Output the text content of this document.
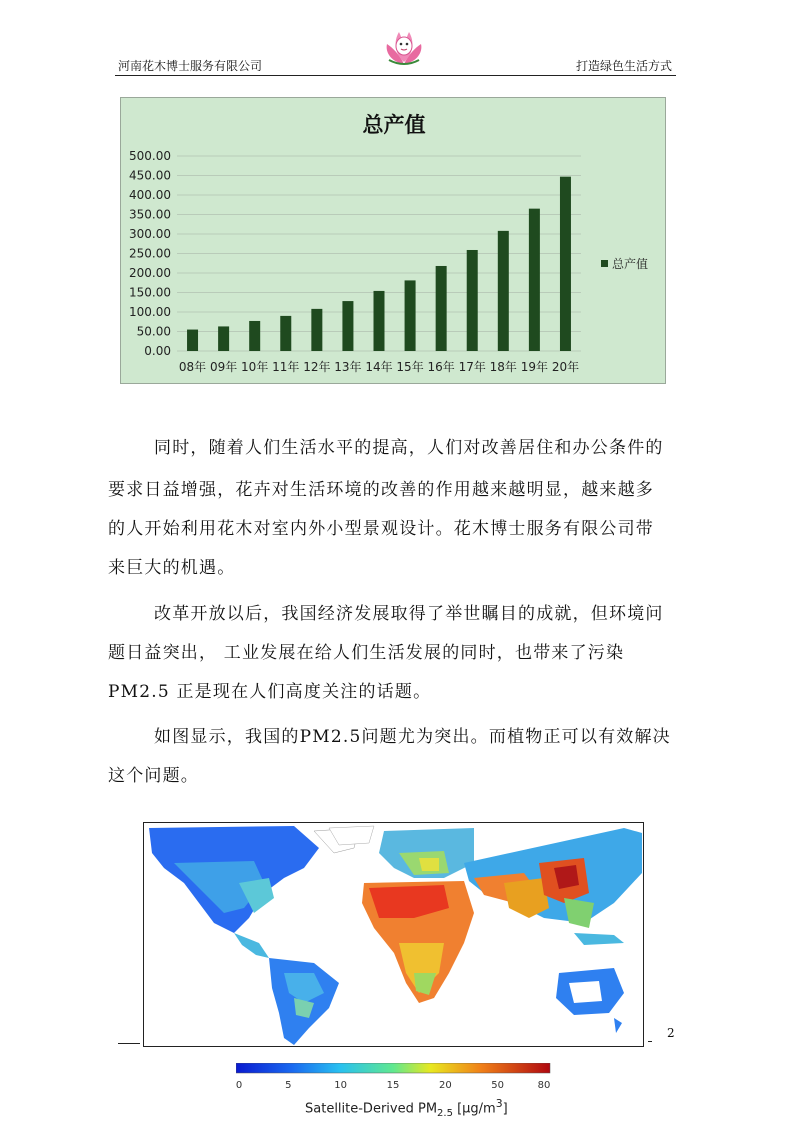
河南花木博士服务有限公司	打造绿色生活方式
总产值
0.00
50.00
100.00
150.00
200.00
250.00
300.00
350.00
400.00
450.00
500.00
08年 09年 10年 11年 12年 13年 14年 15年 16年 17年 18年 19年 20年
总产值

同时，随着人们生活水平的提高，人们对改善居住和办公条件的

要求日益增强，花卉对生活环境的改善的作用越来越明显，越来越多

的人开始利用花木对室内外小型景观设计。花木博士服务有限公司带

来巨大的机遇。

改革开放以后，我国经济发展取得了举世瞩目的成就，但环境问

题日益突出， 工业发展在给人们生活发展的同时，也带来了污染

PM2.5 正是现在人们高度关注的话题。

如图显示，我国的PM2.5问题尤为突出。而植物正可以有效解决

这个问题。

0	5	10	15	20	50	80
Satellite-Derived $PM_{2.5}$ $[\mu g/m^3]$
2
